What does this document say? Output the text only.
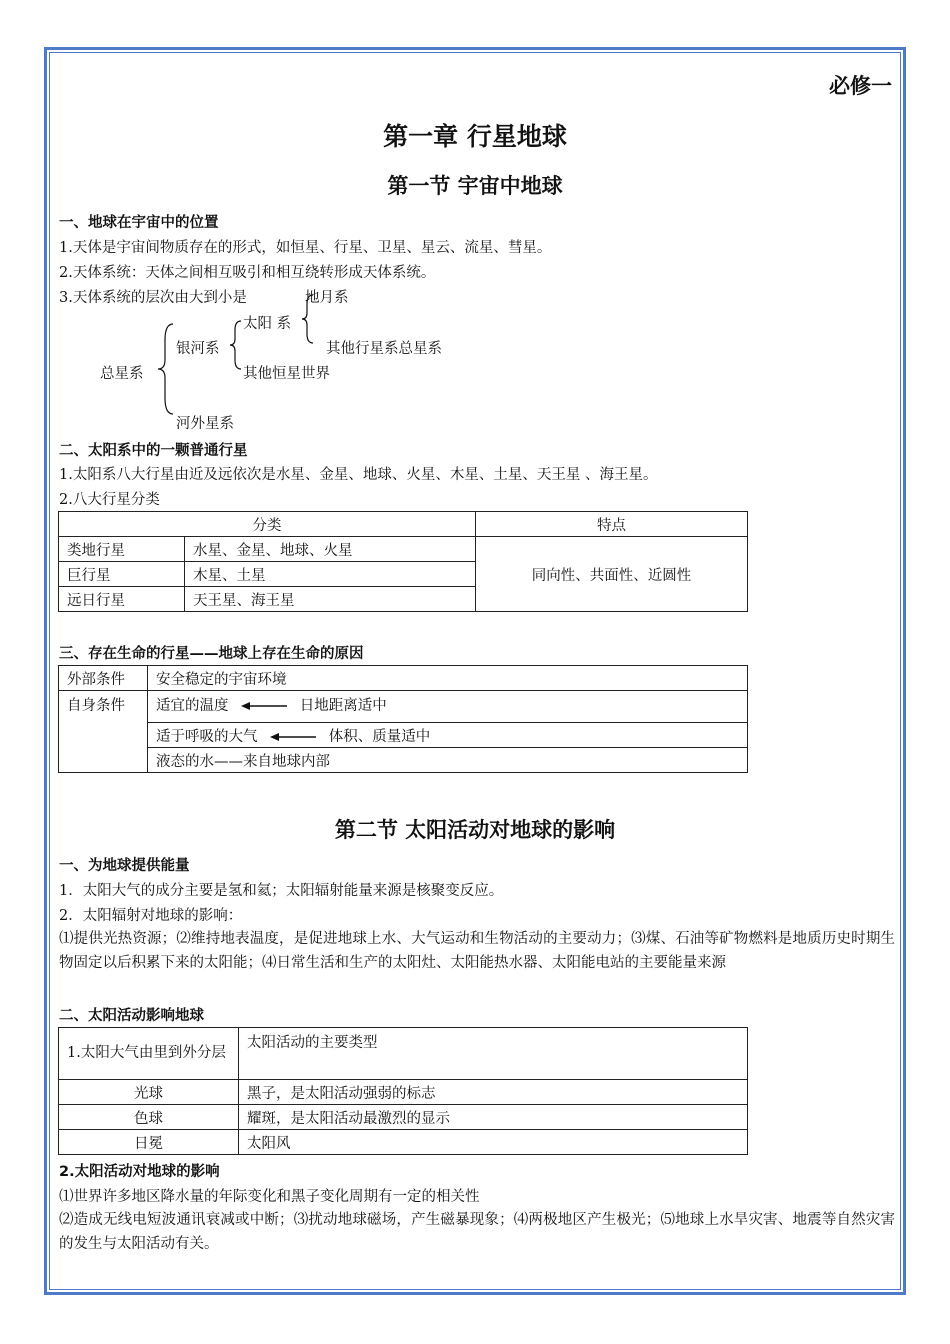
必修一
第一章 行星地球
第一节 宇宙中地球
一、地球在宇宙中的位置
1.天体是宇宙间物质存在的形式，如恒星、行星、卫星、星云、流星、彗星。
2.天体系统：天体之间相互吸引和相互绕转形成天体系统。
3.天体系统的层次由大到小是	地月系
太阳 系
其他行星系总星系
银河系
其他恒星世界
总星系
河外星系
二、太阳系中的一颗普通行星
1.太阳系八大行星由近及远依次是水星、金星、地球、火星、木星、土星、天王星 、海王星。
2.八大行星分类
分类		特点
类地行星	水星、金星、地球、火星	同向性、共面性、近圆性
巨行星	木星、土星	
远日行星	天王星、海王星	
三、存在生命的行星——地球上存在生命的原因
外部条件	安全稳定的宇宙环境
自身条件	适宜的温度 日地距离适中
	适于呼吸的大气 体积、质量适中
	液态的水——来自地球内部
第二节 太阳活动对地球的影响
一、为地球提供能量
1．太阳大气的成分主要是氢和氦；太阳辐射能量来源是核聚变反应。
2．太阳辐射对地球的影响：
⑴提供光热资源；⑵维持地表温度，是促进地球上水、大气运动和生物活动的主要动力；⑶煤、石油等矿物燃料是地质历史时期生物固定以后积累下来的太阳能；⑷日常生活和生产的太阳灶、太阳能热水器、太阳能电站的主要能量来源
二、太阳活动影响地球
1.太阳大气由里到外分层	太阳活动的主要类型
光球	黑子，是太阳活动强弱的标志
色球	耀斑，是太阳活动最激烈的显示
日冕	太阳风
2.太阳活动对地球的影响
⑴世界许多地区降水量的年际变化和黑子变化周期有一定的相关性
⑵造成无线电短波通讯衰减或中断；⑶扰动地球磁场，产生磁暴现象；⑷两极地区产生极光；⑸地球上水旱灾害、地震等自然灾害的发生与太阳活动有关。
